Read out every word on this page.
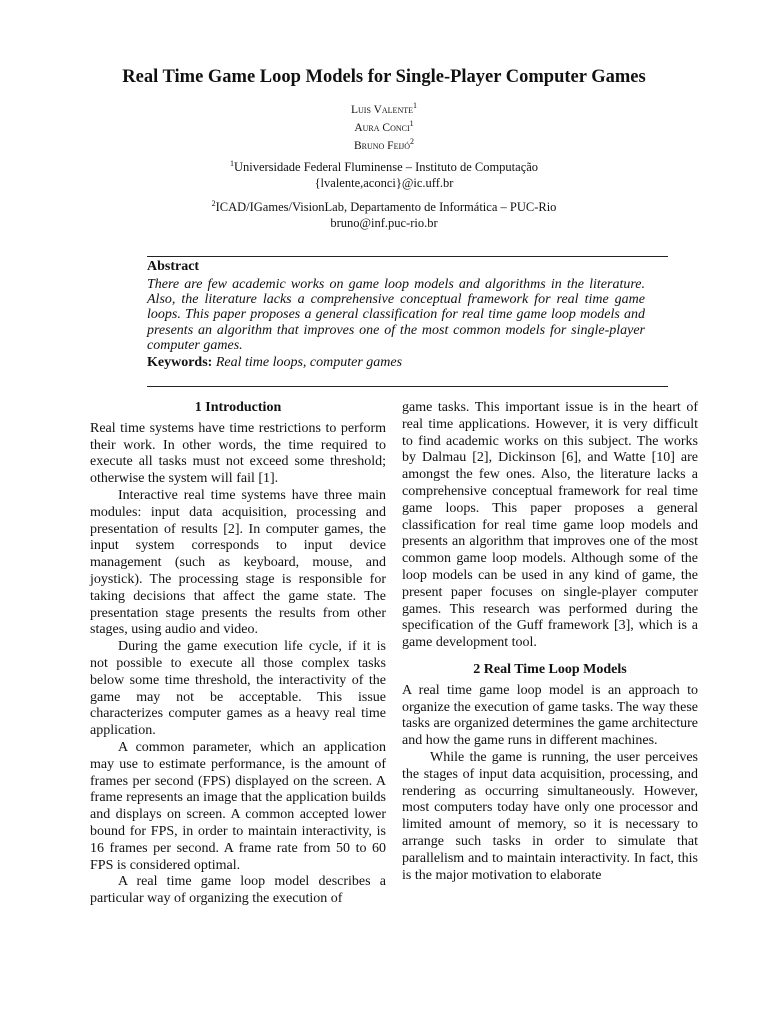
Real Time Game Loop Models for Single-Player Computer Games
Luis Valente$^1$
Aura Conci$^1$
Bruno Feijó$^2$
$^1$Universidade Federal Fluminense – Instituto de Computação
{lvalente,aconci}@ic.uff.br
$^2$ICAD/IGames/VisionLab, Departamento de Informática – PUC-Rio
bruno@inf.puc-rio.br
Abstract
There are few academic works on game loop models and algorithms in the literature. Also, the literature lacks a comprehensive conceptual framework for real time game loops. This paper proposes a general classification for real time game loop models and presents an algorithm that improves one of the most common models for single-player computer games.
Keywords: Real time loops, computer games
1 Introduction

Real time systems have time restrictions to perform their work. In other words, the time required to execute all tasks must not exceed some threshold; otherwise the system will fail [1].

Interactive real time systems have three main modules: input data acquisition, processing and presentation of results [2]. In computer games, the input system corresponds to input device management (such as keyboard, mouse, and joystick). The processing stage is responsible for taking decisions that affect the game state. The presentation stage presents the results from other stages, using audio and video.

During the game execution life cycle, if it is not possible to execute all those complex tasks below some time threshold, the interactivity of the game may not be acceptable. This issue characterizes computer games as a heavy real time application.

A common parameter, which an application may use to estimate performance, is the amount of frames per second (FPS) displayed on the screen. A frame represents an image that the application builds and displays on screen. A common accepted lower bound for FPS, in order to maintain interactivity, is 16 frames per second. A frame rate from 50 to 60 FPS is considered optimal.

A real time game loop model describes a particular way of organizing the execution of

game tasks. This important issue is in the heart of real time applications. However, it is very difficult to find academic works on this subject. The works by Dalmau [2], Dickinson [6], and Watte [10] are amongst the few ones. Also, the literature lacks a comprehensive conceptual framework for real time game loops. This paper proposes a general classification for real time game loop models and presents an algorithm that improves one of the most common game loop models. Although some of the loop models can be used in any kind of game, the present paper focuses on single-player computer games. This research was performed during the specification of the Guff framework [3], which is a game development tool.

2 Real Time Loop Models

A real time game loop model is an approach to organize the execution of game tasks. The way these tasks are organized determines the game architecture and how the game runs in different machines.

While the game is running, the user perceives the stages of input data acquisition, processing, and rendering as occurring simultaneously. However, most computers today have only one processor and limited amount of memory, so it is necessary to arrange such tasks in order to simulate that parallelism and to maintain interactivity. In fact, this is the major motivation to elaborate
